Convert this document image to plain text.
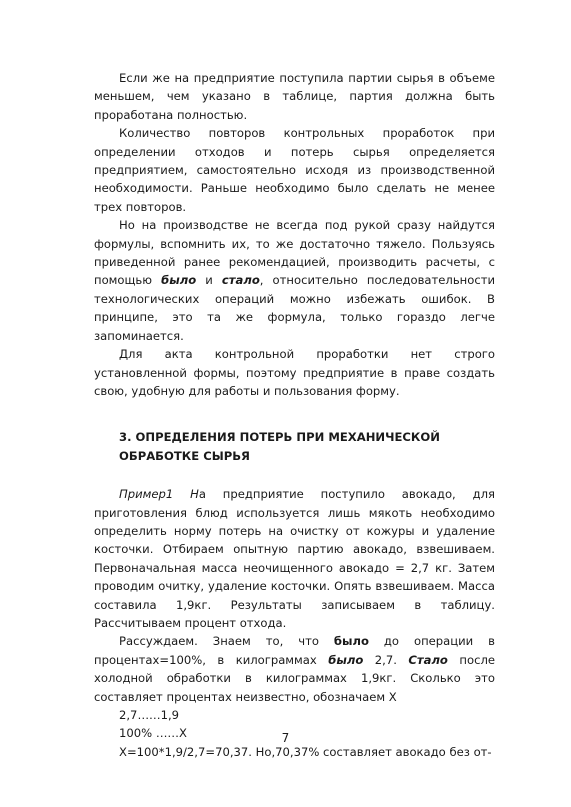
Если же на предприятие поступила партии сырья в объеме меньшем, чем указано в таблице, партия должна быть проработана полностью.

Количество повторов контрольных проработок при определении отходов и потерь сырья определяется предприятием, самостоятельно исходя из производственной необходимости. Раньше необходимо было сделать не менее трех повторов.

Но на производстве не всегда под рукой сразу найдутся формулы, вспомнить их, то же достаточно тяжело. Пользуясь приведенной ранее рекомендацией, производить расчеты, с помощью было и стало, относительно последовательности технологических операций можно избежать ошибок. В принципе, это та же формула, только гораздо легче запоминается.

Для акта контрольной проработки нет строго установленной формы, поэтому предприятие в праве создать свою, удобную для работы и пользования форму.

3. ОПРЕДЕЛЕНИЯ ПОТЕРЬ ПРИ МЕХАНИЧЕСКОЙ
ОБРАБОТКЕ СЫРЬЯ

Пример1 На предприятие поступило авокадо, для приготовления блюд используется лишь мякоть необходимо определить норму потерь на очистку от кожуры и удаление косточки. Отбираем опытную партию авокадо, взвешиваем. Первоначальная масса неочищенного авокадо = 2,7 кг. Затем проводим очитку, удаление косточки. Опять взвешиваем. Масса составила 1,9кг. Результаты записываем в таблицу. Рассчитываем процент отхода.

Рассуждаем. Знаем то, что было до операции в процентах=100%, в килограммах было 2,7. Стало после холодной обработки в килограммах 1,9кг. Сколько это составляет процентах неизвестно, обозначаем Х

2,7……1,9
100% ……Х

Х=100*1,9/2,7=70,37. Но,70,37% составляет авокадо без от-

7
